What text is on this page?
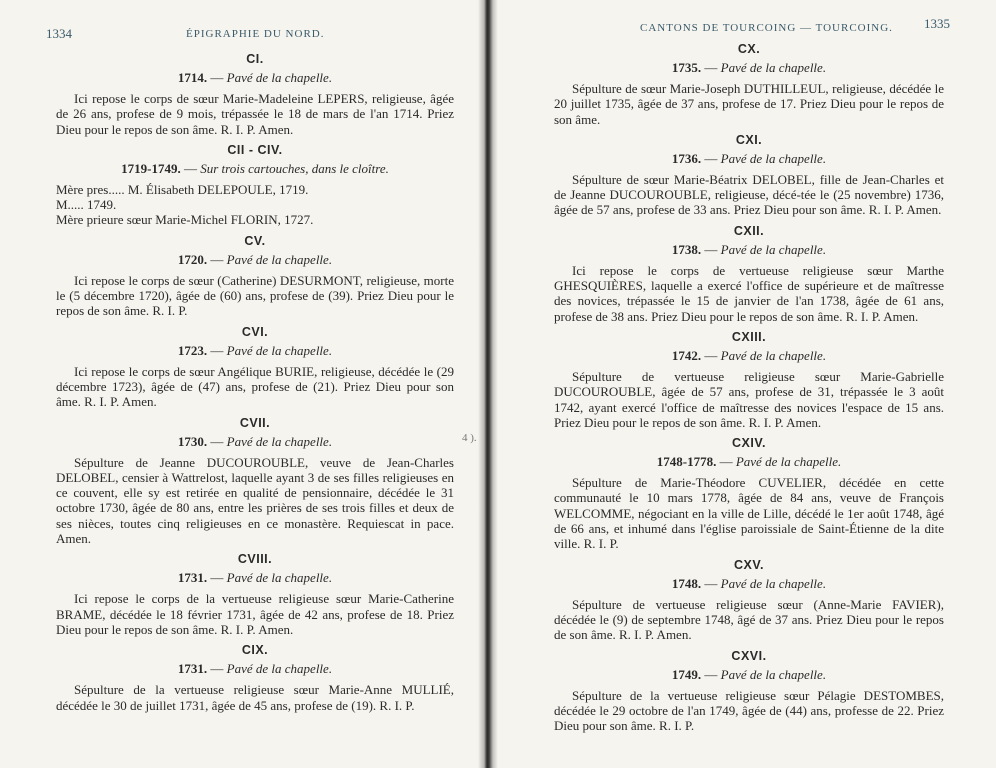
1334	ÉPIGRAPHIE DU NORD.
CI.
1714. — Pavé de la chapelle.
Ici repose le corps de sœur Marie-Madeleine LEPERS, religieuse, âgée de 26 ans, profese de 9 mois, trépassée le 18 de mars de l'an 1714. Priez Dieu pour le repos de son âme. R. I. P. Amen.
CII - CIV.
1719-1749. — Sur trois cartouches, dans le cloître.
Mère pres..... M. Élisabeth DELEPOULE, 1719.
M..... 1749.
Mère prieure sœur Marie-Michel FLORIN, 1727.
CV.
1720. — Pavé de la chapelle.
Ici repose le corps de sœur (Catherine) DESURMONT, religieuse, morte le (5 décembre 1720), âgée de (60) ans, profese de (39). Priez Dieu pour le repos de son âme. R. I. P.
CVI.
1723. — Pavé de la chapelle.
Ici repose le corps de sœur Angélique BURIE, religieuse, décédée le (29 décembre 1723), âgée de (47) ans, profese de (21). Priez Dieu pour son âme. R. I. P. Amen.
CVII.
1730. — Pavé de la chapelle.
Sépulture de Jeanne DUCOUROUBLE, veuve de Jean-Charles DELOBEL, censier à Wattrelost, laquelle ayant 3 de ses filles religieuses en ce couvent, elle sy est retirée en qualité de pensionnaire, décédée le 31 octobre 1730, âgée de 80 ans, entre les prières de ses trois filles et deux de ses nièces, toutes cinq religieuses en ce monastère. Requiescat in pace. Amen.
CVIII.
1731. — Pavé de la chapelle.
Ici repose le corps de la vertueuse religieuse sœur Marie-Catherine BRAME, décédée le 18 février 1731, âgée de 42 ans, profese de 18. Priez Dieu pour le repos de son âme. R. I. P. Amen.
CIX.
1731. — Pavé de la chapelle.
Sépulture de la vertueuse religieuse sœur Marie-Anne MULLIÉ, décédée le 30 de juillet 1731, âgée de 45 ans, profese de (19). R. I. P.
4 ).
CANTONS DE TOURCOING — TOURCOING. 1335
CX.
1735. — Pavé de la chapelle.
Sépulture de sœur Marie-Joseph DUTHILLEUL, religieuse, décédée le 20 juillet 1735, âgée de 37 ans, profese de 17. Priez Dieu pour le repos de son âme.
CXI.
1736. — Pavé de la chapelle.
Sépulture de sœur Marie-Béatrix DELOBEL, fille de Jean-Charles et de Jeanne DUCOUROUBLE, religieuse, décé-tée le (25 novembre) 1736, âgée de 57 ans, profese de 33 ans. Priez Dieu pour son âme. R. I. P. Amen.
CXII.
1738. — Pavé de la chapelle.
Ici repose le corps de vertueuse religieuse sœur Marthe GHESQUIÈRES, laquelle a exercé l'office de supérieure et de maîtresse des novices, trépassée le 15 de janvier de l'an 1738, âgée de 61 ans, profese de 38 ans. Priez Dieu pour le repos de son âme. R. I. P. Amen.
CXIII.
1742. — Pavé de la chapelle.
Sépulture de vertueuse religieuse sœur Marie-Gabrielle DUCOUROUBLE, âgée de 57 ans, profese de 31, trépassée le 3 août 1742, ayant exercé l'office de maîtresse des novices l'espace de 15 ans. Priez Dieu pour le repos de son âme. R. I. P. Amen.
CXIV.
1748-1778. — Pavé de la chapelle.
Sépulture de Marie-Théodore CUVELIER, décédée en cette communauté le 10 mars 1778, âgée de 84 ans, veuve de François WELCOMME, négociant en la ville de Lille, décédé le 1er août 1748, âgé de 66 ans, et inhumé dans l'église paroissiale de Saint-Étienne de la dite ville. R. I. P.
CXV.
1748. — Pavé de la chapelle.
Sépulture de vertueuse religieuse sœur (Anne-Marie FAVIER), décédée le (9) de septembre 1748, âgé de 37 ans. Priez Dieu pour le repos de son âme. R. I. P. Amen.
CXVI.
1749. — Pavé de la chapelle.
Sépulture de la vertueuse religieuse sœur Pélagie DESTOMBES, décédée le 29 octobre de l'an 1749, âgée de (44) ans, professe de 22. Priez Dieu pour son âme. R. I. P.
